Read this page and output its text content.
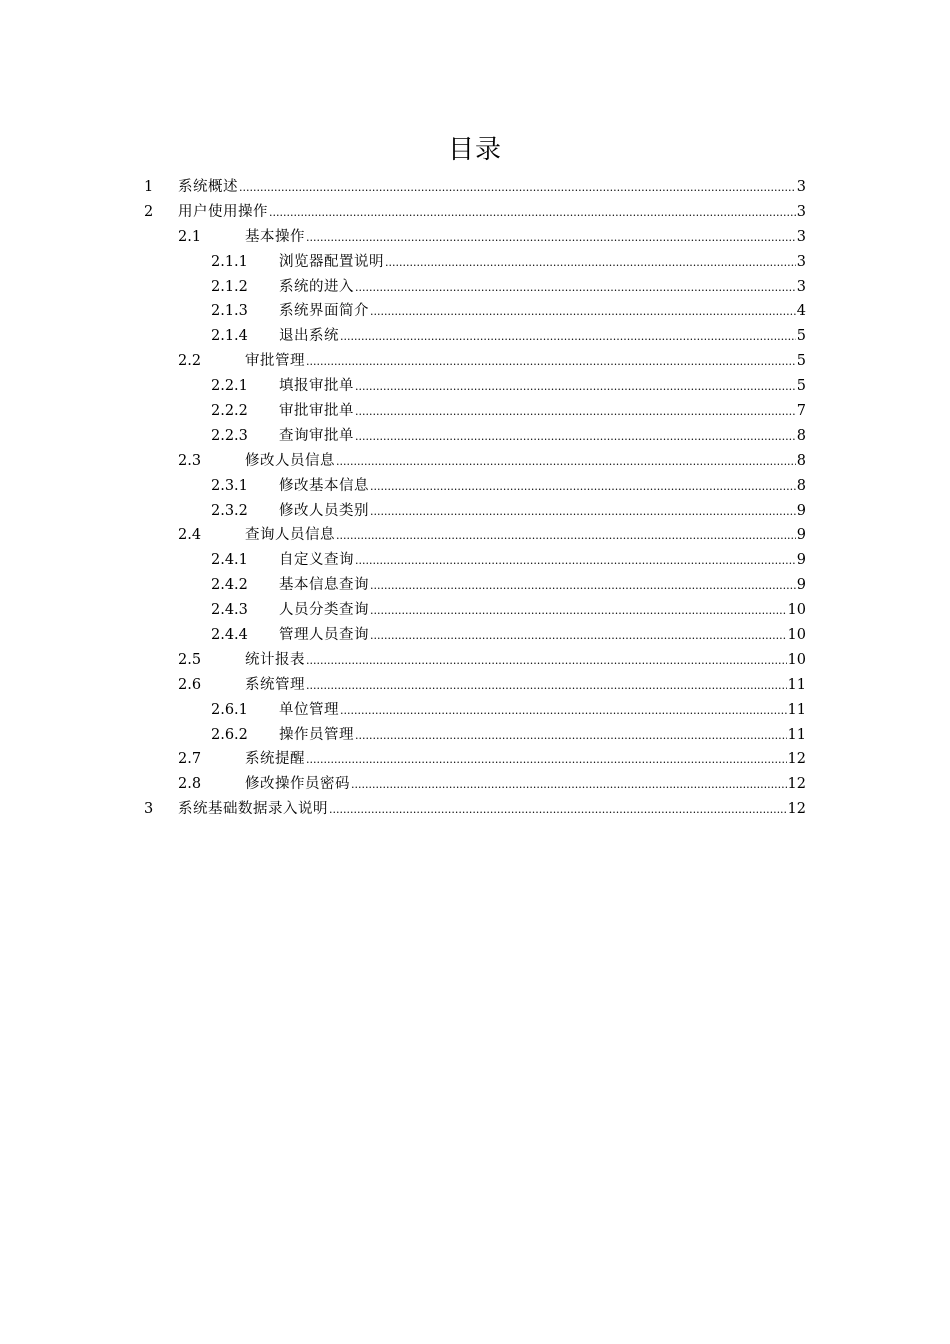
目录
1 系统概述 .....	3
2 用户使用操作 .....	3
2.1	基本操作 .....	3
2.1.1 浏览器配置说明 .....	3
2.1.2 系统的进入 .....	3
2.1.3 系统界面简介 .....	4
2.1.4 退出系统 .....	5
2.2	审批管理 .....	5
2.2.1 填报审批单 .....	5
2.2.2 审批审批单 .....	7
2.2.3 查询审批单 .....	8
2.3	修改人员信息 .....	8
2.3.1 修改基本信息 .....	8
2.3.2 修改人员类别 .....	9
2.4	查询人员信息 .....	9
2.4.1 自定义查询 .....	9
2.4.2 基本信息查询 .....	9
2.4.3 人员分类查询 .....	10
2.4.4 管理人员查询 .....	10
2.5	统计报表 .....	10
2.6	系统管理 .....	11
2.6.1 单位管理 .....	11
2.6.2 操作员管理 .....	11
2.7	系统提醒 .....	12
2.8	修改操作员密码 .....	12
3 系统基础数据录入说明 .....	12
